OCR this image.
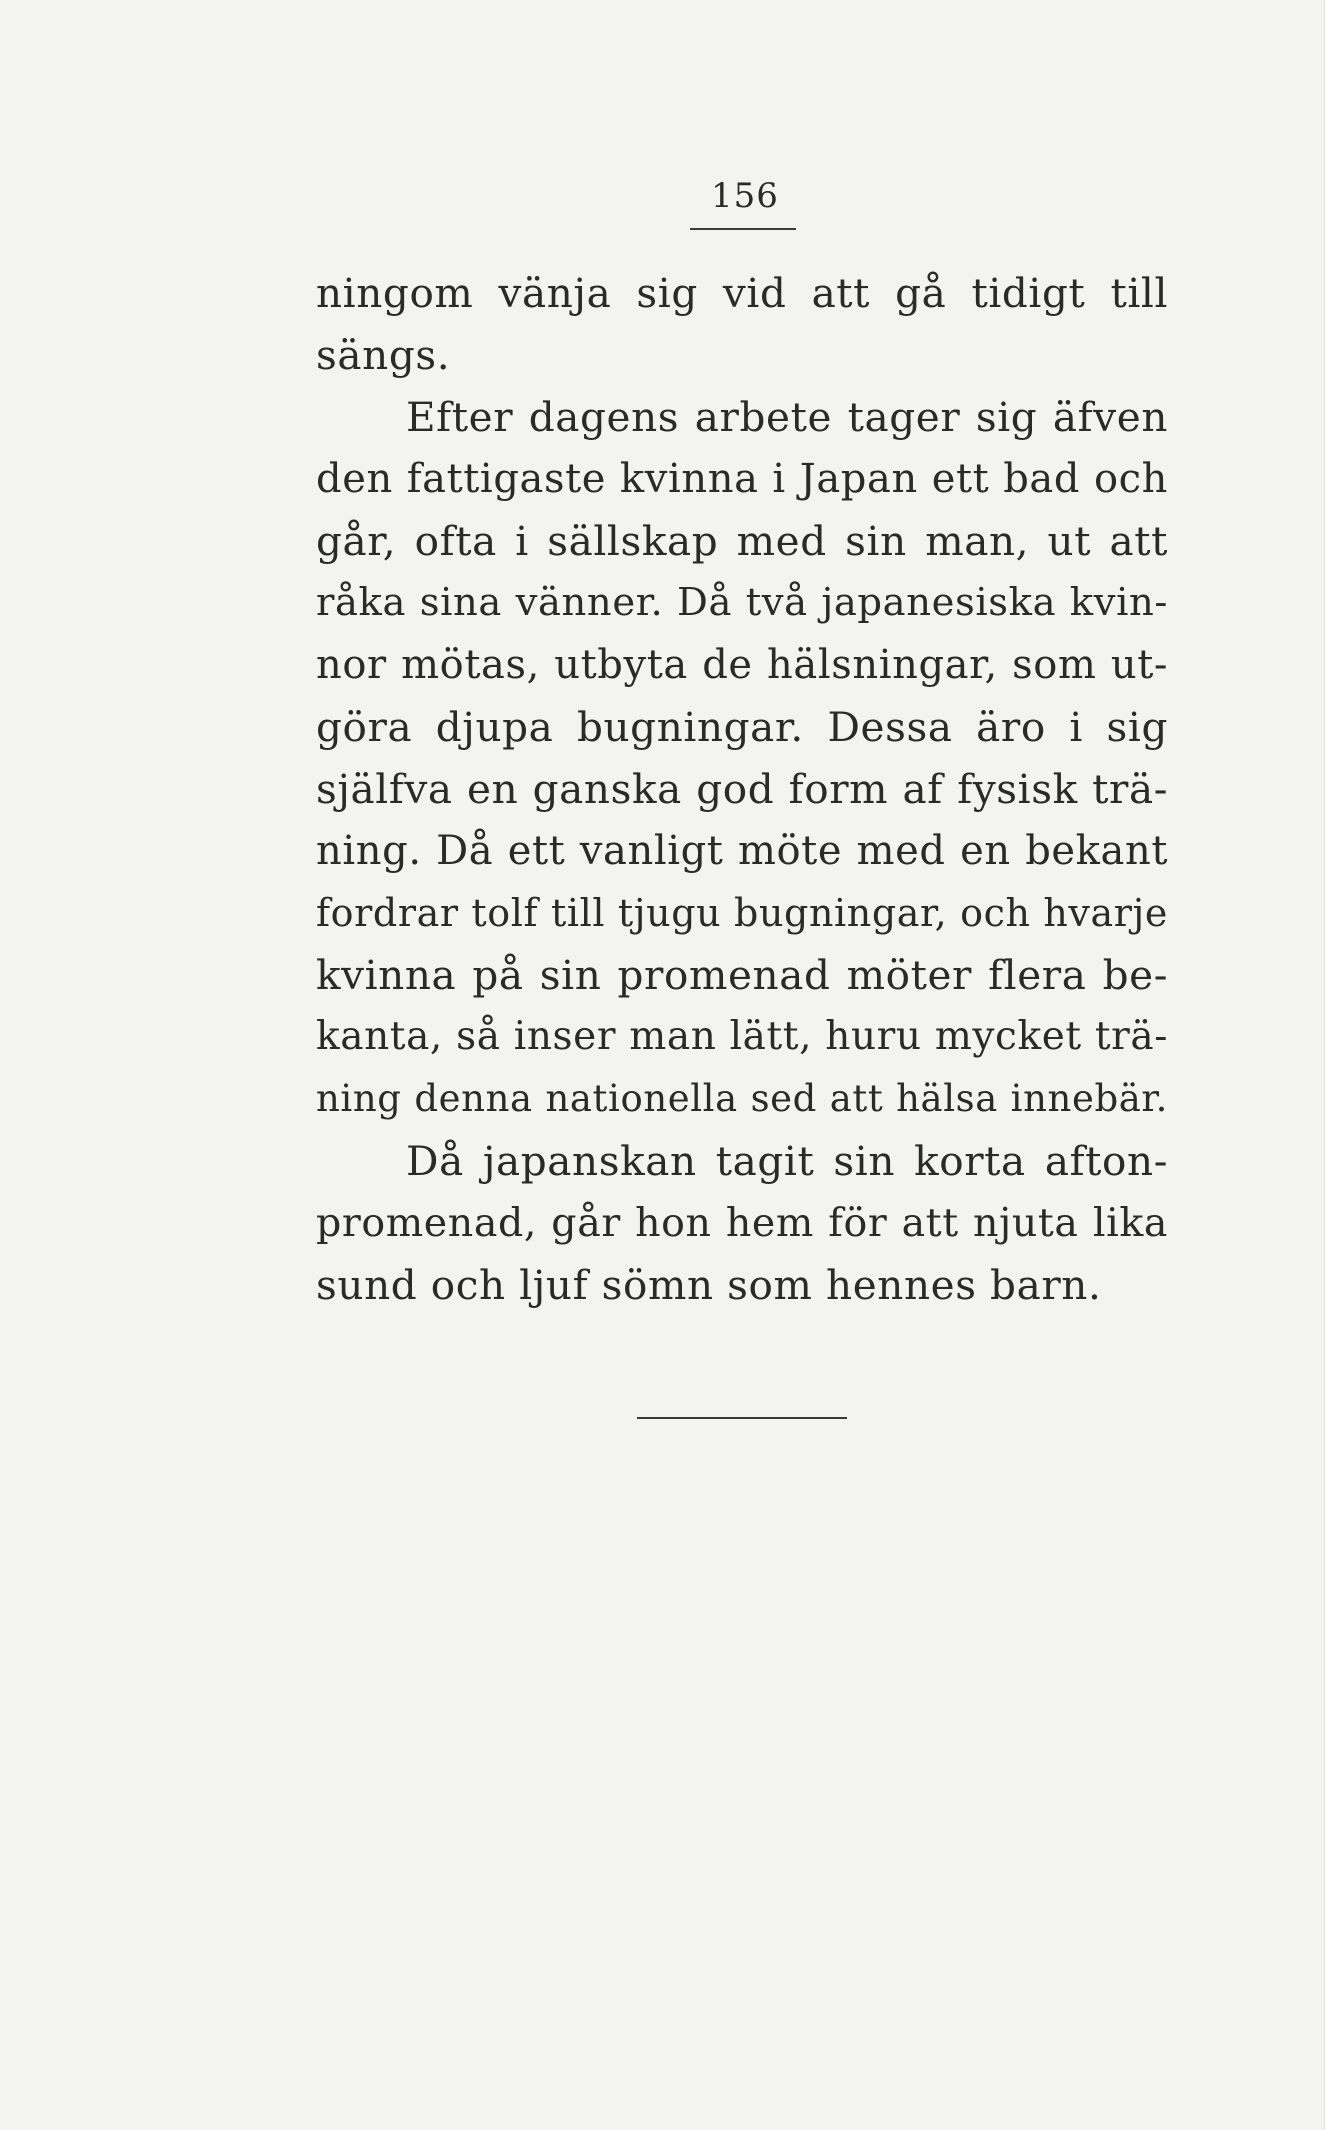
156
ningom vänja sig vid att gå tidigt till
sängs.
Efter dagens arbete tager sig äfven
den fattigaste kvinna i Japan ett bad och
går, ofta i sällskap med sin man, ut att
råka sina vänner. Då två japanesiska kvin-
nor mötas, utbyta de hälsningar, som ut-
göra djupa bugningar. Dessa äro i sig
själfva en ganska god form af fysisk trä-
ning. Då ett vanligt möte med en bekant
fordrar tolf till tjugu bugningar, och hvarje
kvinna på sin promenad möter flera be-
kanta, så inser man lätt, huru mycket trä-
ning denna nationella sed att hälsa innebär.
Då japanskan tagit sin korta afton-
promenad, går hon hem för att njuta lika
sund och ljuf sömn som hennes barn.
